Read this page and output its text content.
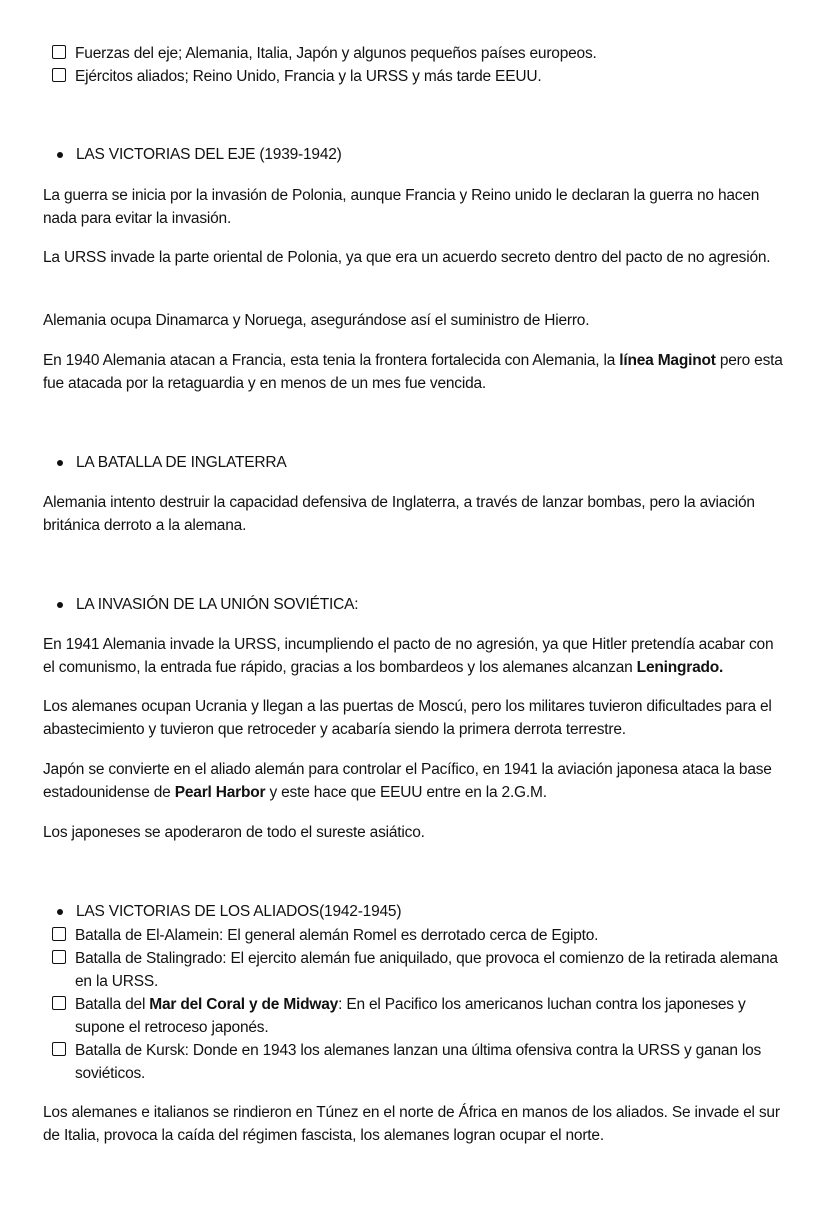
Fuerzas del eje; Alemania, Italia, Japón y algunos pequeños países europeos.
Ejércitos aliados; Reino Unido, Francia y la URSS y más tarde EEUU.
LAS VICTORIAS DEL EJE (1939-1942)

La guerra se inicia por la invasión de Polonia, aunque Francia y Reino unido le declaran la guerra no hacen nada para evitar la invasión.

La URSS invade la parte oriental de Polonia, ya que era un acuerdo secreto dentro del pacto de no agresión.

Alemania ocupa Dinamarca y Noruega, asegurándose así el suministro de Hierro.

En 1940 Alemania atacan a Francia, esta tenia la frontera fortalecida con Alemania, la línea Maginot pero esta fue atacada por la retaguardia y en menos de un mes fue vencida.

LA BATALLA DE INGLATERRA

Alemania intento destruir la capacidad defensiva de Inglaterra, a través de lanzar bombas, pero la aviación británica derroto a la alemana.

LA INVASIÓN DE LA UNIÓN SOVIÉTICA:

En 1941 Alemania invade la URSS, incumpliendo el pacto de no agresión, ya que Hitler pretendía acabar con el comunismo, la entrada fue rápido, gracias a los bombardeos y los alemanes alcanzan Leningrado.

Los alemanes ocupan Ucrania y llegan a las puertas de Moscú, pero los militares tuvieron dificultades para el abastecimiento y tuvieron que retroceder y acabaría siendo la primera derrota terrestre.

Japón se convierte en el aliado alemán para controlar el Pacífico, en 1941 la aviación japonesa ataca la base estadounidense de Pearl Harbor y este hace que EEUU entre en la 2.G.M.

Los japoneses se apoderaron de todo el sureste asiático.

LAS VICTORIAS DE LOS ALIADOS(1942-1945)
Batalla de El-Alamein: El general alemán Romel es derrotado cerca de Egipto.
Batalla de Stalingrado: El ejercito alemán fue aniquilado, que provoca el comienzo de la retirada alemana en la URSS.
Batalla del Mar del Coral y de Midway: En el Pacifico los americanos luchan contra los japoneses y supone el retroceso japonés.
Batalla de Kursk: Donde en 1943 los alemanes lanzan una última ofensiva contra la URSS y ganan los soviéticos.

Los alemanes e italianos se rindieron en Túnez en el norte de África en manos de los aliados. Se invade el sur de Italia, provoca la caída del régimen fascista, los alemanes logran ocupar el norte.
